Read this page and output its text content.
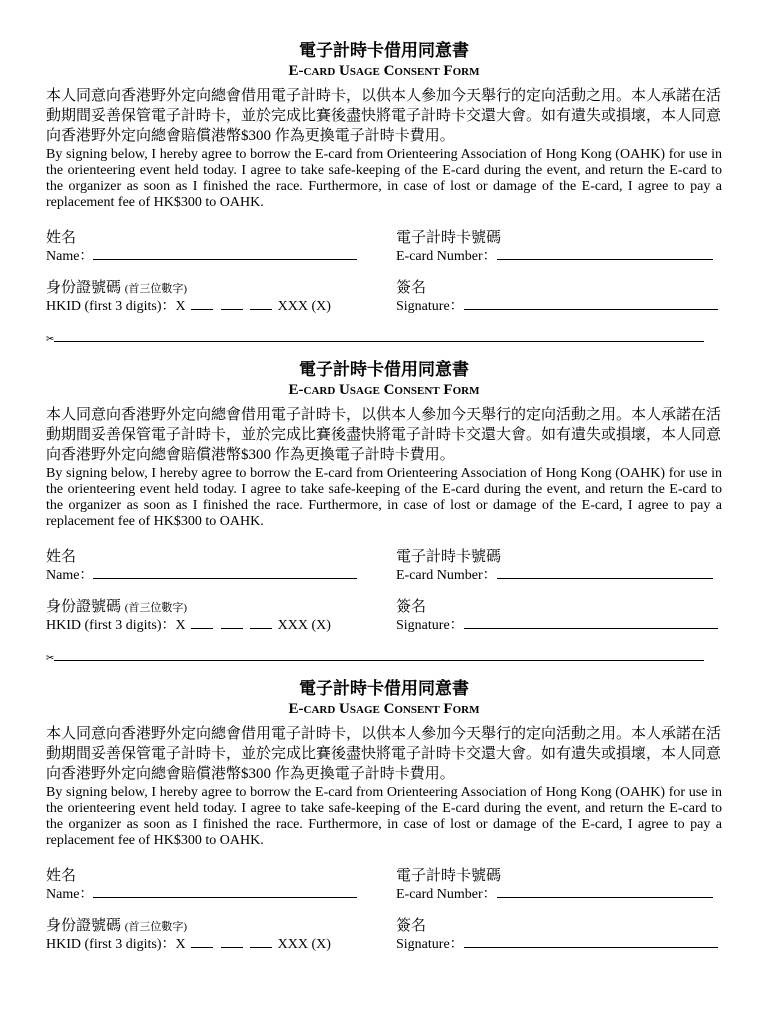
電子計時卡借用同意書
E-card Usage Consent Form
本人同意向香港野外定向總會借用電子計時卡，以供本人參加今天舉行的定向活動之用。本人承諾在活動期間妥善保管電子計時卡，並於完成比賽後盡快將電子計時卡交還大會。如有遺失或損壞，本人同意向香港野外定向總會賠償港幣$300 作為更換電子計時卡費用。
By signing below, I hereby agree to borrow the E-card from Orienteering Association of Hong Kong (OAHK) for use in the orienteering event held today. I agree to take safe-keeping of the E-card during the event, and return the E-card to the organizer as soon as I finished the race. Furthermore, in case of lost or damage of the E-card, I agree to pay a replacement fee of HK$300 to OAHK.
姓名
Name：
電子計時卡號碼
E-card Number：
身份證號碼 (首三位數字)
HKID (first 3 digits)：X	XXX (X)
簽名
Signature：
✂
電子計時卡借用同意書
E-card Usage Consent Form
本人同意向香港野外定向總會借用電子計時卡，以供本人參加今天舉行的定向活動之用。本人承諾在活動期間妥善保管電子計時卡，並於完成比賽後盡快將電子計時卡交還大會。如有遺失或損壞，本人同意向香港野外定向總會賠償港幣$300 作為更換電子計時卡費用。
By signing below, I hereby agree to borrow the E-card from Orienteering Association of Hong Kong (OAHK) for use in the orienteering event held today. I agree to take safe-keeping of the E-card during the event, and return the E-card to the organizer as soon as I finished the race. Furthermore, in case of lost or damage of the E-card, I agree to pay a replacement fee of HK$300 to OAHK.
姓名
Name：
電子計時卡號碼
E-card Number：
身份證號碼 (首三位數字)
HKID (first 3 digits)：X	XXX (X)
簽名
Signature：
✂
電子計時卡借用同意書
E-card Usage Consent Form
本人同意向香港野外定向總會借用電子計時卡，以供本人參加今天舉行的定向活動之用。本人承諾在活動期間妥善保管電子計時卡，並於完成比賽後盡快將電子計時卡交還大會。如有遺失或損壞，本人同意向香港野外定向總會賠償港幣$300 作為更換電子計時卡費用。
By signing below, I hereby agree to borrow the E-card from Orienteering Association of Hong Kong (OAHK) for use in the orienteering event held today. I agree to take safe-keeping of the E-card during the event, and return the E-card to the organizer as soon as I finished the race. Furthermore, in case of lost or damage of the E-card, I agree to pay a replacement fee of HK$300 to OAHK.
姓名
Name：
電子計時卡號碼
E-card Number：
身份證號碼 (首三位數字)
HKID (first 3 digits)：X	XXX (X)
簽名
Signature：
